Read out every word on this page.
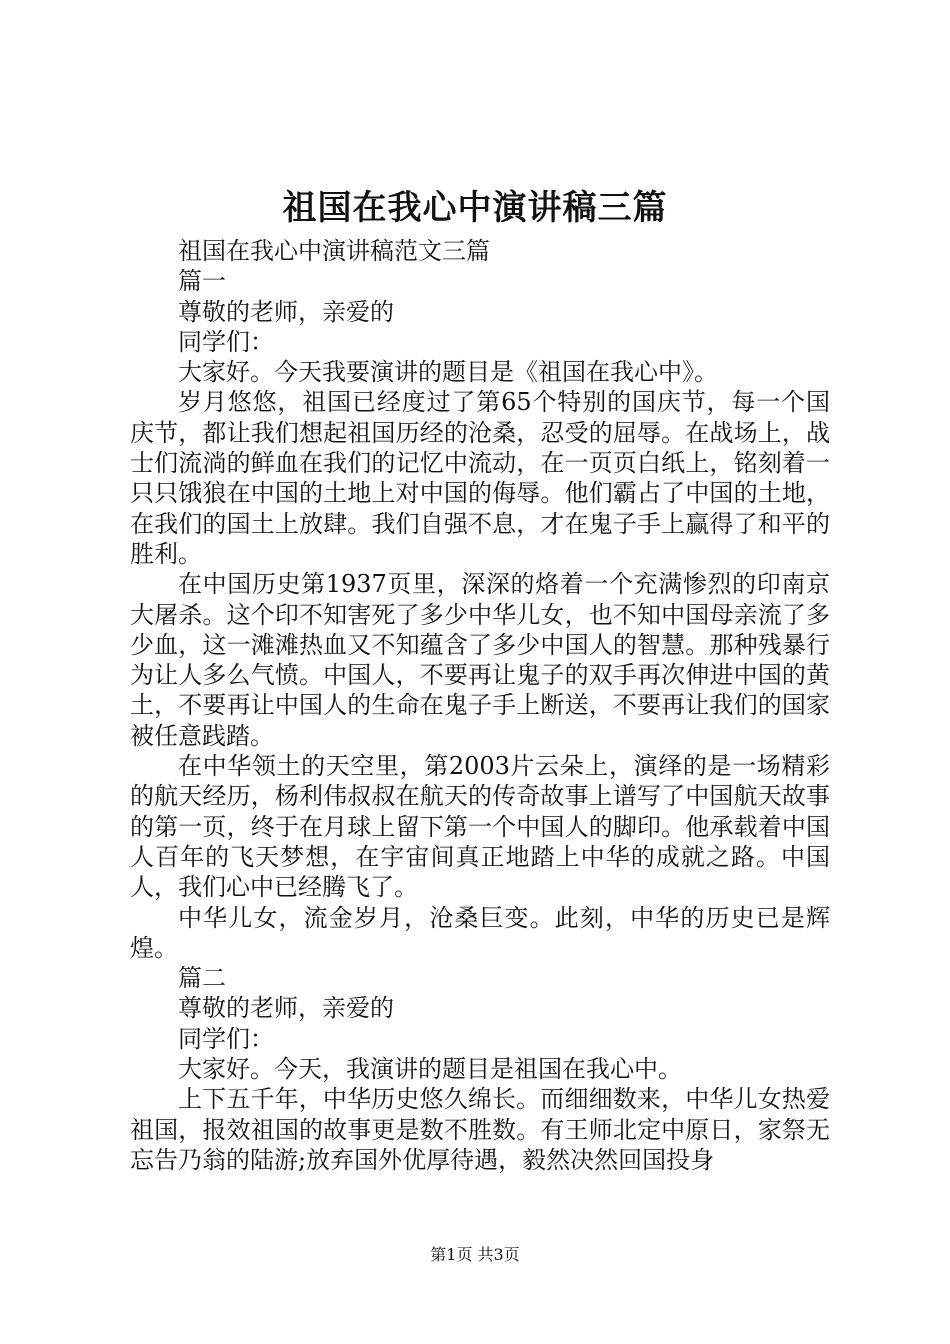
祖国在我心中演讲稿三篇

祖国在我心中演讲稿范文三篇

篇一

尊敬的老师，亲爱的

同学们：

大家好。今天我要演讲的题目是《祖国在我心中》。

岁月悠悠，祖国已经度过了第65个特别的国庆节，每一个国庆节，都让我们想起祖国历经的沧桑，忍受的屈辱。在战场上，战士们流淌的鲜血在我们的记忆中流动，在一页页白纸上，铭刻着一只只饿狼在中国的土地上对中国的侮辱。他们霸占了中国的土地，在我们的国土上放肆。我们自强不息，才在鬼子手上赢得了和平的胜利。

在中国历史第1937页里，深深的烙着一个充满惨烈的印南京大屠杀。这个印不知害死了多少中华儿女，也不知中国母亲流了多少血，这一滩滩热血又不知蕴含了多少中国人的智慧。那种残暴行为让人多么气愤。中国人，不要再让鬼子的双手再次伸进中国的黄土，不要再让中国人的生命在鬼子手上断送，不要再让我们的国家被任意践踏。

在中华领土的天空里，第2003片云朵上，演绎的是一场精彩的航天经历，杨利伟叔叔在航天的传奇故事上谱写了中国航天故事的第一页，终于在月球上留下第一个中国人的脚印。他承载着中国人百年的飞天梦想，在宇宙间真正地踏上中华的成就之路。中国人，我们心中已经腾飞了。

中华儿女，流金岁月，沧桑巨变。此刻，中华的历史已是辉煌。

篇二

尊敬的老师，亲爱的

同学们：

大家好。今天，我演讲的题目是祖国在我心中。

上下五千年，中华历史悠久绵长。而细细数来，中华儿女热爱祖国，报效祖国的故事更是数不胜数。有王师北定中原日，家祭无忘告乃翁的陆游;放弃国外优厚待遇，毅然决然回国投身

第1页 共3页
